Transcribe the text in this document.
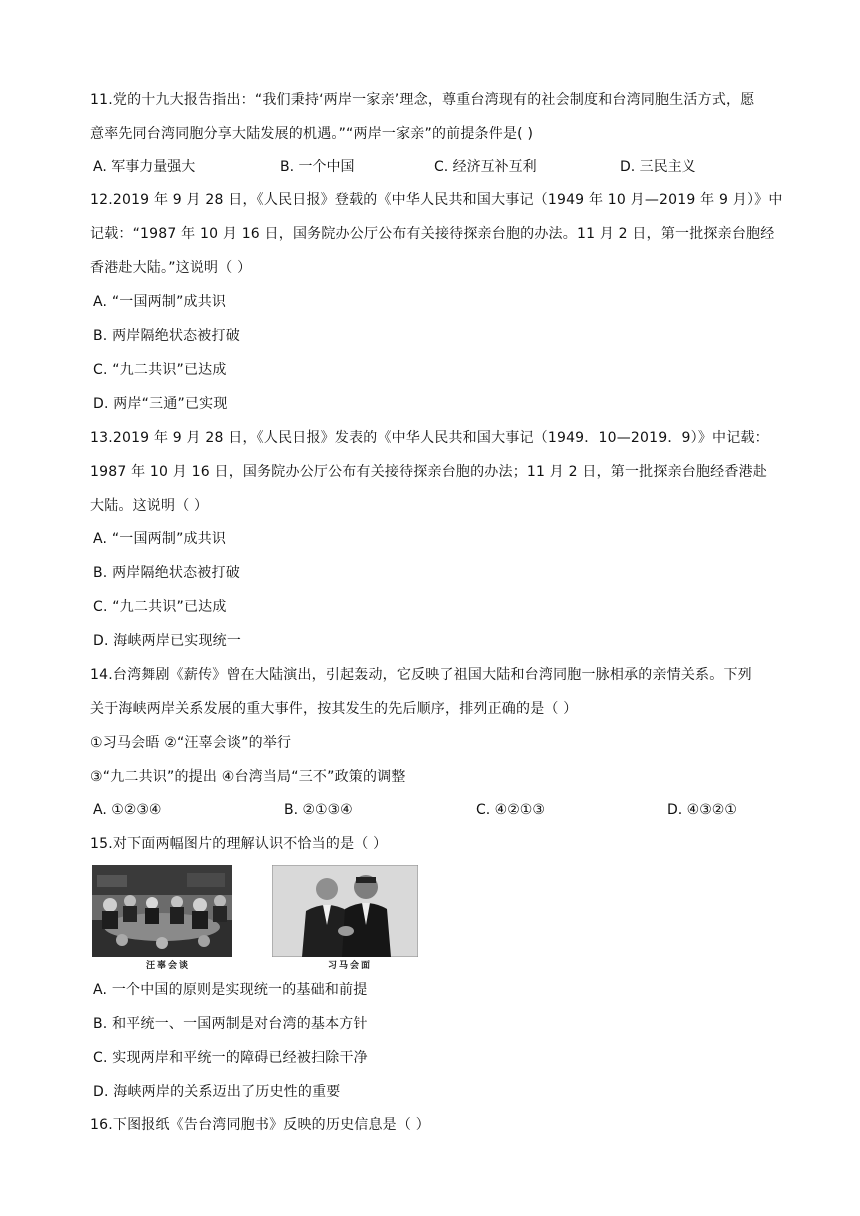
11.党的十九大报告指出：“我们秉持‘两岸一家亲’理念，尊重台湾现有的社会制度和台湾同胞生活方式，愿
意率先同台湾同胞分享大陆发展的机遇。”“两岸一家亲”的前提条件是( )
A. 军事力量强大	B. 一个中国	C. 经济互补互利	D. 三民主义
12.2019 年 9 月 28 日，《人民日报》登载的《中华人民共和国大事记（1949 年 10 月—2019 年 9 月）》中
记载：“1987 年 10 月 16 日，国务院办公厅公布有关接待探亲台胞的办法。11 月 2 日，第一批探亲台胞经
香港赴大陆。”这说明（ ）
A. “一国两制”成共识
B. 两岸隔绝状态被打破
C. “九二共识”已达成
D. 两岸“三通”已实现
13.2019 年 9 月 28 日，《人民日报》发表的《中华人民共和国大事记（1949．10—2019．9）》中记载：
1987 年 10 月 16 日，国务院办公厅公布有关接待探亲台胞的办法；11 月 2 日，第一批探亲台胞经香港赴
大陆。这说明（ ）
A. “一国两制”成共识
B. 两岸隔绝状态被打破
C. “九二共识”已达成
D. 海峡两岸已实现统一
14.台湾舞剧《薪传》曾在大陆演出，引起轰动，它反映了祖国大陆和台湾同胞一脉相承的亲情关系。下列
关于海峡两岸关系发展的重大事件，按其发生的先后顺序，排列正确的是（ ）
①习马会晤 ②“汪辜会谈”的举行
③“九二共识”的提出 ④台湾当局“三不”政策的调整
A. ①②③④	B. ②①③④	C. ④②①③	D. ④③②①
15.对下面两幅图片的理解认识不恰当的是（ ）
汪辜会谈	习马会面
A. 一个中国的原则是实现统一的基础和前提
B. 和平统一、一国两制是对台湾的基本方针
C. 实现两岸和平统一的障碍已经被扫除干净
D. 海峡两岸的关系迈出了历史性的重要
16.下图报纸《告台湾同胞书》反映的历史信息是（ ）
